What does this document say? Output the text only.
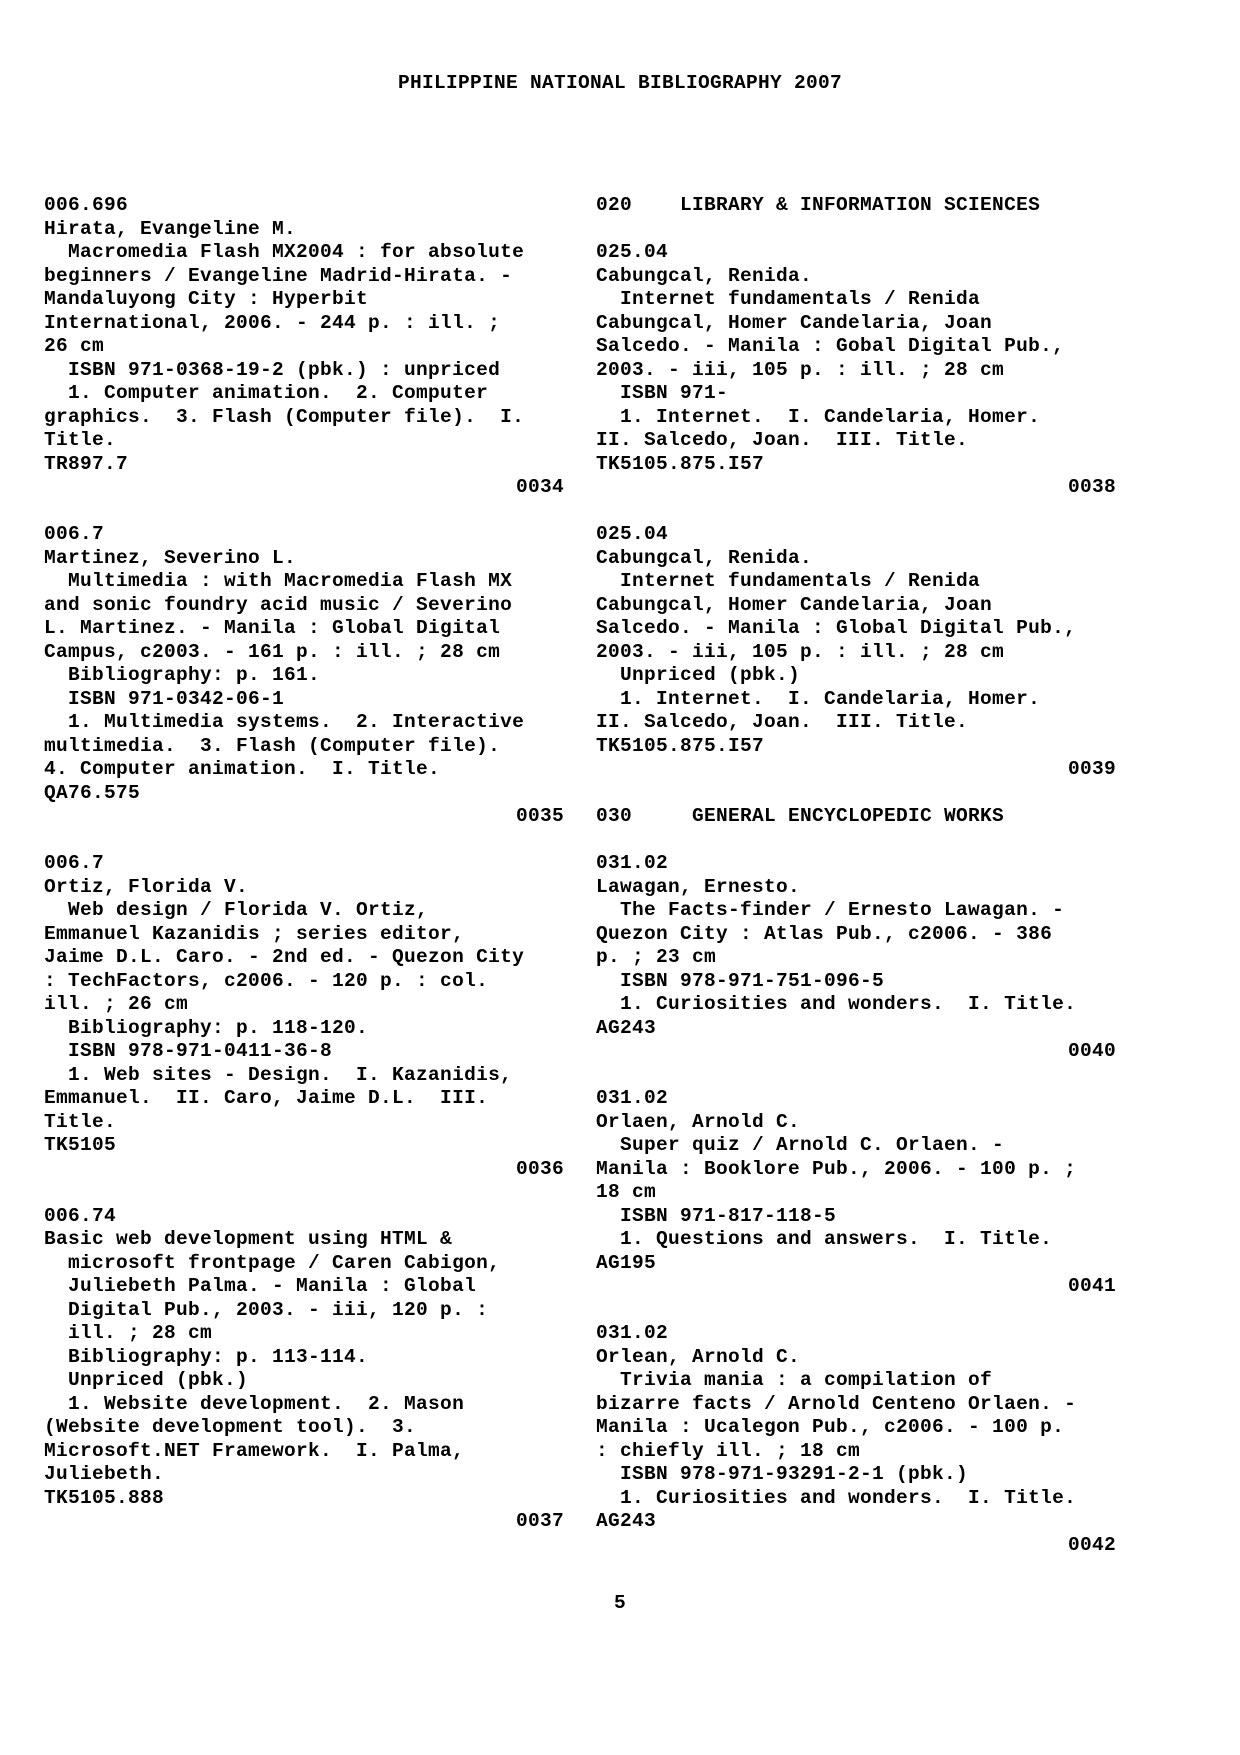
PHILIPPINE NATIONAL BIBLIOGRAPHY 2007
006.696
Hirata, Evangeline M.
Macromedia Flash MX2004 : for absolute
beginners / Evangeline Madrid-Hirata. -
Mandaluyong City : Hyperbit
International, 2006. - 244 p. : ill. ;
26 cm
ISBN 971-0368-19-2 (pbk.) : unpriced
1. Computer animation.  2. Computer
graphics.  3. Flash (Computer file).  I.
Title.
TR897.7
0034
006.7
Martinez, Severino L.
Multimedia : with Macromedia Flash MX
and sonic foundry acid music / Severino
L. Martinez. - Manila : Global Digital
Campus, c2003. - 161 p. : ill. ; 28 cm
Bibliography: p. 161.
ISBN 971-0342-06-1
1. Multimedia systems.  2. Interactive
multimedia.  3. Flash (Computer file).
4. Computer animation.  I. Title.
QA76.575
0035
006.7
Ortiz, Florida V.
Web design / Florida V. Ortiz,
Emmanuel Kazanidis ; series editor,
Jaime D.L. Caro. - 2nd ed. - Quezon City
: TechFactors, c2006. - 120 p. : col.
ill. ; 26 cm
Bibliography: p. 118-120.
ISBN 978-971-0411-36-8
1. Web sites - Design.  I. Kazanidis,
Emmanuel.  II. Caro, Jaime D.L.  III.
Title.
TK5105
0036
006.74
Basic web development using HTML &
microsoft frontpage / Caren Cabigon,
Juliebeth Palma. - Manila : Global
Digital Pub., 2003. - iii, 120 p. :
ill. ; 28 cm
Bibliography: p. 113-114.
Unpriced (pbk.)
1. Website development.  2. Mason
(Website development tool).  3.
Microsoft.NET Framework.  I. Palma,
Juliebeth.
TK5105.888
0037
020    LIBRARY & INFORMATION SCIENCES
025.04
Cabungcal, Renida.
Internet fundamentals / Renida
Cabungcal, Homer Candelaria, Joan
Salcedo. - Manila : Gobal Digital Pub.,
2003. - iii, 105 p. : ill. ; 28 cm
ISBN 971-
1. Internet.  I. Candelaria, Homer.
II. Salcedo, Joan.  III. Title.
TK5105.875.I57
0038
025.04
Cabungcal, Renida.
Internet fundamentals / Renida
Cabungcal, Homer Candelaria, Joan
Salcedo. - Manila : Global Digital Pub.,
2003. - iii, 105 p. : ill. ; 28 cm
Unpriced (pbk.)
1. Internet.  I. Candelaria, Homer.
II. Salcedo, Joan.  III. Title.
TK5105.875.I57
0039
030     GENERAL ENCYCLOPEDIC WORKS
031.02
Lawagan, Ernesto.
The Facts-finder / Ernesto Lawagan. -
Quezon City : Atlas Pub., c2006. - 386
p. ; 23 cm
ISBN 978-971-751-096-5
1. Curiosities and wonders.  I. Title.
AG243
0040
031.02
Orlaen, Arnold C.
Super quiz / Arnold C. Orlaen. -
Manila : Booklore Pub., 2006. - 100 p. ;
18 cm
ISBN 971-817-118-5
1. Questions and answers.  I. Title.
AG195
0041
031.02
Orlean, Arnold C.
Trivia mania : a compilation of
bizarre facts / Arnold Centeno Orlaen. -
Manila : Ucalegon Pub., c2006. - 100 p.
: chiefly ill. ; 18 cm
ISBN 978-971-93291-2-1 (pbk.)
1. Curiosities and wonders.  I. Title.
AG243
0042
5
